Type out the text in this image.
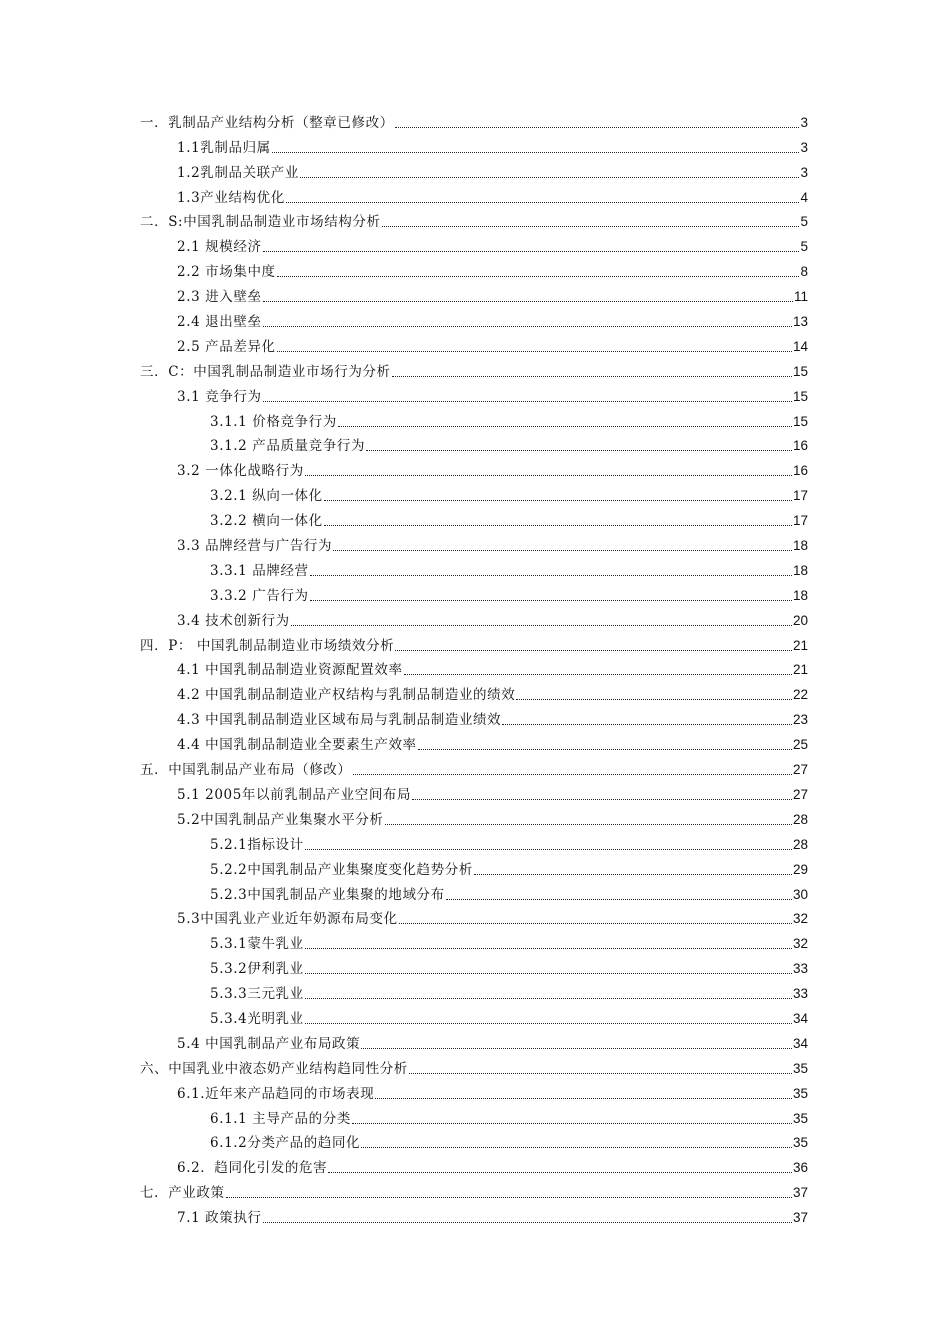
一．乳制品产业结构分析（整章已修改）	3
1.1乳制品归属	3
1.2乳制品关联产业	3
1.3产业结构优化	4
二．S:中国乳制品制造业市场结构分析	5
2.1 规模经济	5
2.2 市场集中度	8
2.3 进入壁垒	11
2.4 退出壁垒	13
2.5 产品差异化	14
三．C：中国乳制品制造业市场行为分析	15
3.1 竞争行为	15
3.1.1 价格竞争行为	15
3.1.2 产品质量竞争行为	16
3.2 一体化战略行为	16
3.2.1 纵向一体化	17
3.2.2 横向一体化	17
3.3 品牌经营与广告行为	18
3.3.1 品牌经营	18
3.3.2 广告行为	18
3.4 技术创新行为	20
四．P： 中国乳制品制造业市场绩效分析	21
4.1 中国乳制品制造业资源配置效率	21
4.2 中国乳制品制造业产权结构与乳制品制造业的绩效	22
4.3 中国乳制品制造业区域布局与乳制品制造业绩效	23
4.4 中国乳制品制造业全要素生产效率	25
五．中国乳制品产业布局（修改）	27
5.1 2005年以前乳制品产业空间布局	27
5.2中国乳制品产业集聚水平分析	28
5.2.1指标设计	28
5.2.2中国乳制品产业集聚度变化趋势分析	29
5.2.3中国乳制品产业集聚的地域分布	30
5.3中国乳业产业近年奶源布局变化	32
5.3.1蒙牛乳业	32
5.3.2伊利乳业	33
5.3.3三元乳业	33
5.3.4光明乳业	34
5.4 中国乳制品产业布局政策	34
六、中国乳业中液态奶产业结构趋同性分析	35
6.1.近年来产品趋同的市场表现	35
6.1.1 主导产品的分类	35
6.1.2分类产品的趋同化	35
6.2．趋同化引发的危害	36
七．产业政策	37
7.1 政策执行	37
